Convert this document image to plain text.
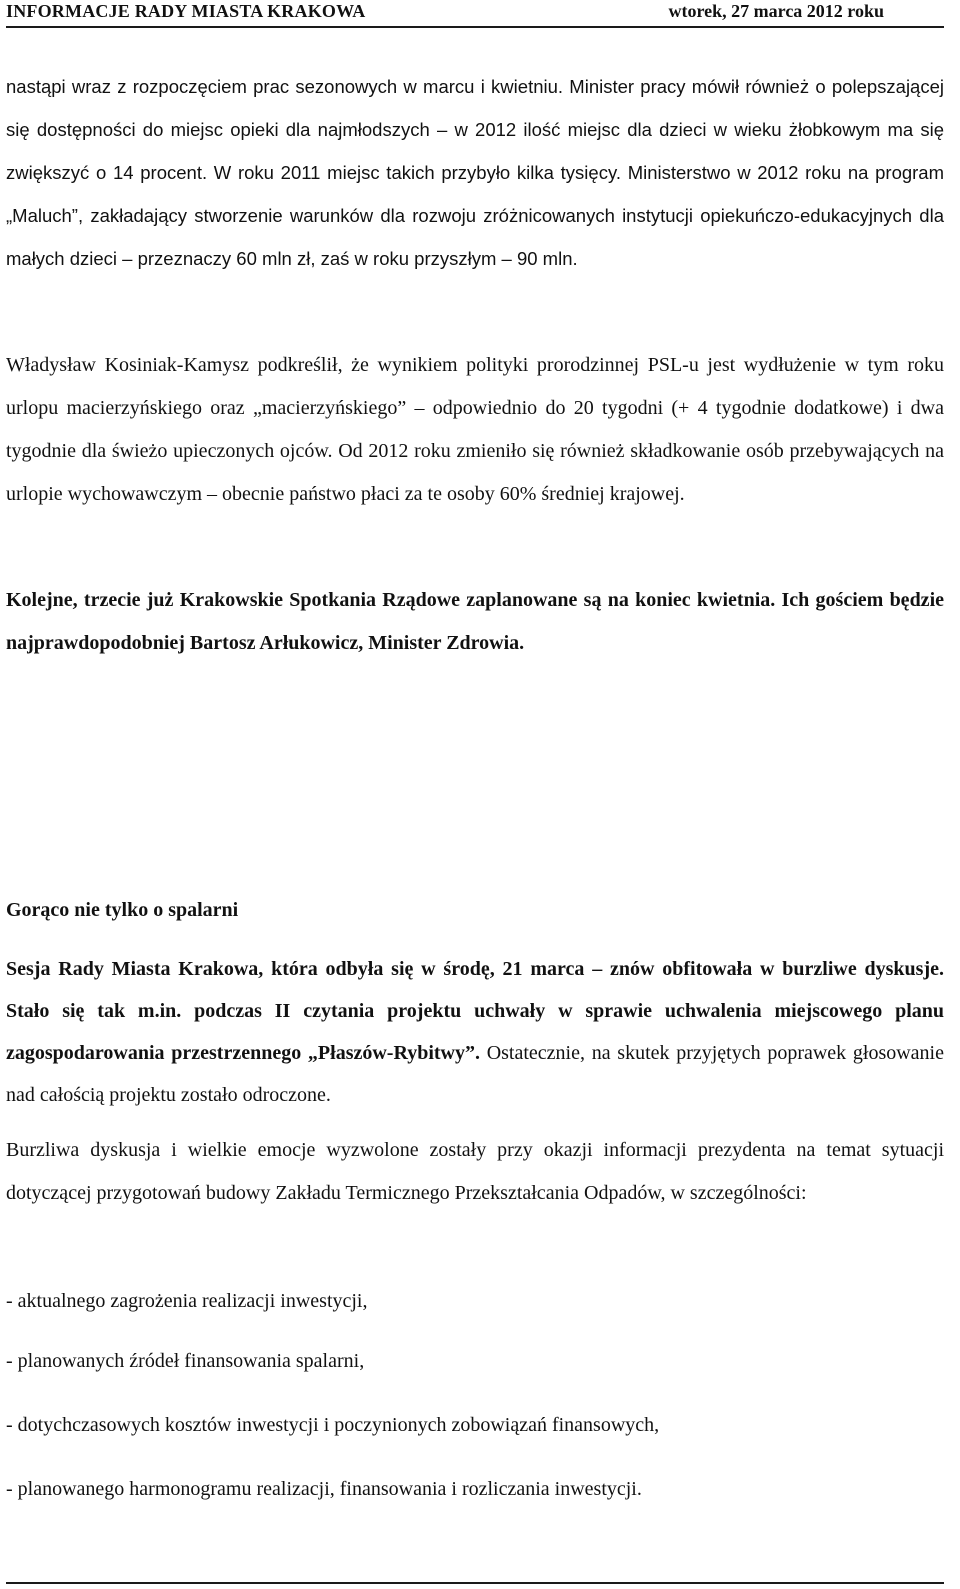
INFORMACJE RADY MIASTA KRAKOWA	wtorek, 27 marca 2012 roku

nastąpi wraz z rozpoczęciem prac sezonowych w marcu i kwietniu. Minister pracy mówił również o polepszającej się dostępności do miejsc opieki dla najmłodszych – w 2012 ilość miejsc dla dzieci w wieku żłobkowym ma się zwiększyć o 14 procent. W roku 2011 miejsc takich przybyło kilka tysięcy. Ministerstwo w 2012 roku na program „Maluch”, zakładający stworzenie warunków dla rozwoju zróżnicowanych instytucji opiekuńczo-edukacyjnych dla małych dzieci – przeznaczy 60 mln zł, zaś w roku przyszłym – 90 mln.

Władysław Kosiniak-Kamysz podkreślił, że wynikiem polityki prorodzinnej PSL-u jest wydłużenie w tym roku urlopu macierzyńskiego oraz „macierzyńskiego” – odpowiednio do 20 tygodni (+ 4 tygodnie dodatkowe) i dwa tygodnie dla świeżo upieczonych ojców. Od 2012 roku zmieniło się również składkowanie osób przebywających na urlopie wychowawczym – obecnie państwo płaci za te osoby 60% średniej krajowej.

Kolejne, trzecie już Krakowskie Spotkania Rządowe zaplanowane są na koniec kwietnia. Ich gościem będzie najprawdopodobniej Bartosz Arłukowicz, Minister Zdrowia.

Gorąco nie tylko o spalarni

Sesja Rady Miasta Krakowa, która odbyła się w środę, 21 marca – znów obfitowała w burzliwe dyskusje. Stało się tak m.in. podczas II czytania projektu uchwały w sprawie uchwalenia miejscowego planu zagospodarowania przestrzennego „Płaszów-Rybitwy”. Ostatecznie, na skutek przyjętych poprawek głosowanie nad całością projektu zostało odroczone.

Burzliwa dyskusja i wielkie emocje wyzwolone zostały przy okazji informacji prezydenta na temat sytuacji dotyczącej przygotowań budowy Zakładu Termicznego Przekształcania Odpadów, w szczególności:

- aktualnego zagrożenia realizacji inwestycji,

- planowanych źródeł finansowania spalarni,

- dotychczasowych kosztów inwestycji i poczynionych zobowiązań finansowych,

- planowanego harmonogramu realizacji, finansowania i rozliczania inwestycji.
